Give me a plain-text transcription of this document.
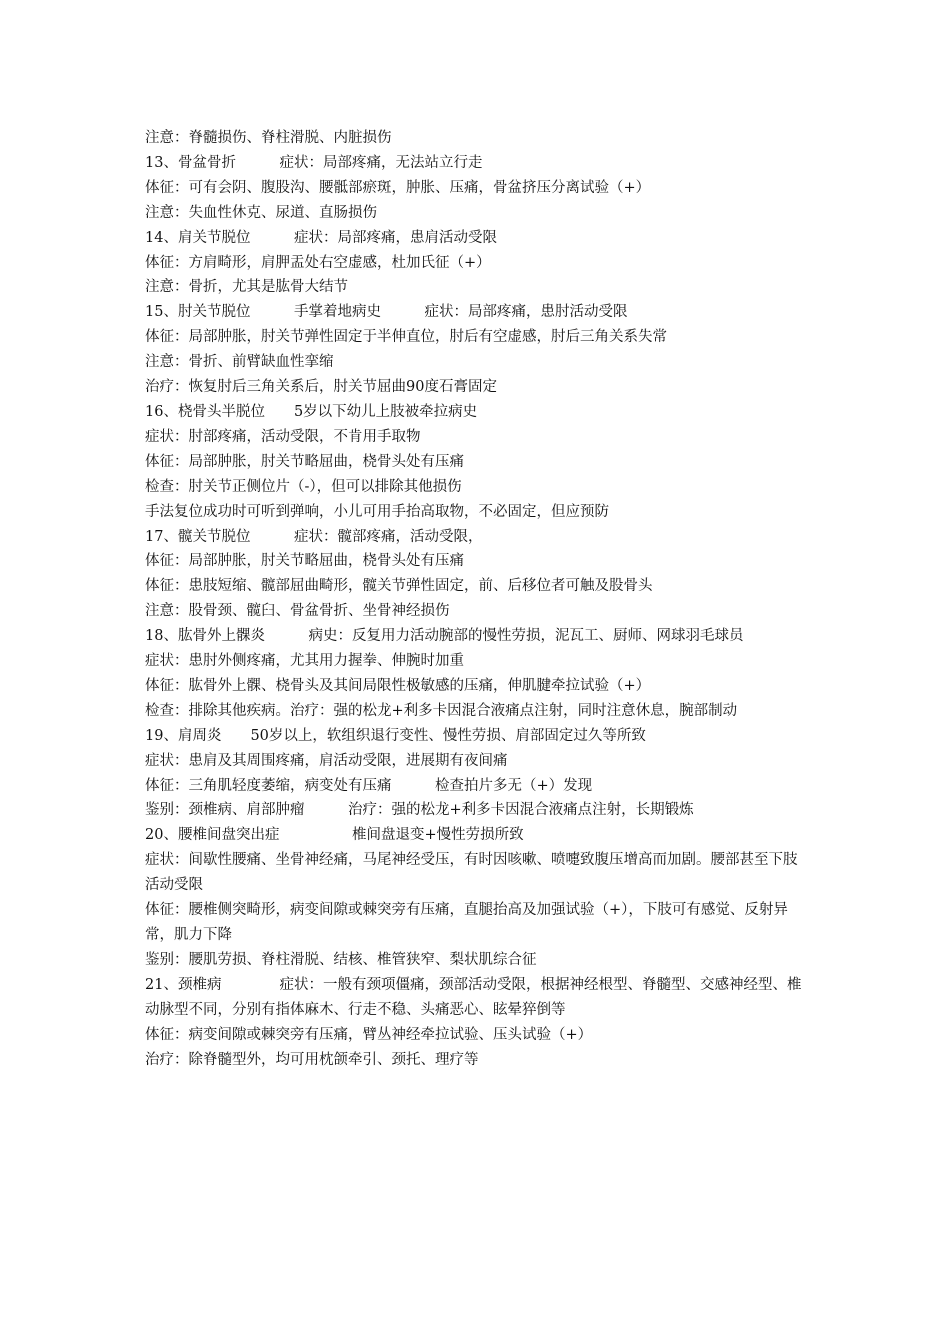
注意：脊髓损伤、脊柱滑脱、内脏损伤
13、骨盆骨折　　　症状：局部疼痛，无法站立行走
体征：可有会阴、腹股沟、腰骶部瘀斑，肿胀、压痛，骨盆挤压分离试验（+）
注意：失血性休克、尿道、直肠损伤
14、肩关节脱位　　　症状：局部疼痛，患肩活动受限
体征：方肩畸形，肩胛盂处右空虚感，杜加氏征（+）
注意：骨折，尤其是肱骨大结节
15、肘关节脱位　　　手掌着地病史　　　症状：局部疼痛，患肘活动受限
体征：局部肿胀，肘关节弹性固定于半伸直位，肘后有空虚感，肘后三角关系失常
注意：骨折、前臂缺血性挛缩
治疗：恢复肘后三角关系后，肘关节屈曲90度石膏固定
16、桡骨头半脱位　　5岁以下幼儿上肢被牵拉病史
症状：肘部疼痛，活动受限，不肯用手取物
体征：局部肿胀，肘关节略屈曲，桡骨头处有压痛
检查：肘关节正侧位片（-），但可以排除其他损伤
手法复位成功时可听到弹响，小儿可用手抬高取物，不必固定，但应预防
17、髋关节脱位　　　症状：髋部疼痛，活动受限，
体征：局部肿胀，肘关节略屈曲，桡骨头处有压痛
体征：患肢短缩、髋部屈曲畸形，髋关节弹性固定，前、后移位者可触及股骨头
注意：股骨颈、髋臼、骨盆骨折、坐骨神经损伤
18、肱骨外上髁炎　　　病史：反复用力活动腕部的慢性劳损，泥瓦工、厨师、网球羽毛球员
症状：患肘外侧疼痛，尤其用力握拳、伸腕时加重
体征：肱骨外上髁、桡骨头及其间局限性极敏感的压痛，伸肌腱牵拉试验（+）
检查：排除其他疾病。治疗：强的松龙+利多卡因混合液痛点注射，同时注意休息，腕部制动
19、肩周炎　　50岁以上，软组织退行变性、慢性劳损、肩部固定过久等所致
症状：患肩及其周围疼痛，肩活动受限，进展期有夜间痛
体征：三角肌轻度萎缩，病变处有压痛　　　检查拍片多无（+）发现
鉴别：颈椎病、肩部肿瘤　　　治疗：强的松龙+利多卡因混合液痛点注射，长期锻炼
20、腰椎间盘突出症　　　　　椎间盘退变+慢性劳损所致
症状：间歇性腰痛、坐骨神经痛，马尾神经受压，有时因咳嗽、喷嚏致腹压增高而加剧。腰部甚至下肢活动受限
体征：腰椎侧突畸形，病变间隙或棘突旁有压痛，直腿抬高及加强试验（+），下肢可有感觉、反射异常，肌力下降
鉴别：腰肌劳损、脊柱滑脱、结核、椎管狭窄、梨状肌综合征
21、颈椎病　　　　症状：一般有颈项僵痛，颈部活动受限，根据神经根型、脊髓型、交感神经型、椎动脉型不同，分别有指体麻木、行走不稳、头痛恶心、眩晕猝倒等
体征：病变间隙或棘突旁有压痛，臂丛神经牵拉试验、压头试验（+）
治疗：除脊髓型外，均可用枕颌牵引、颈托、理疗等
